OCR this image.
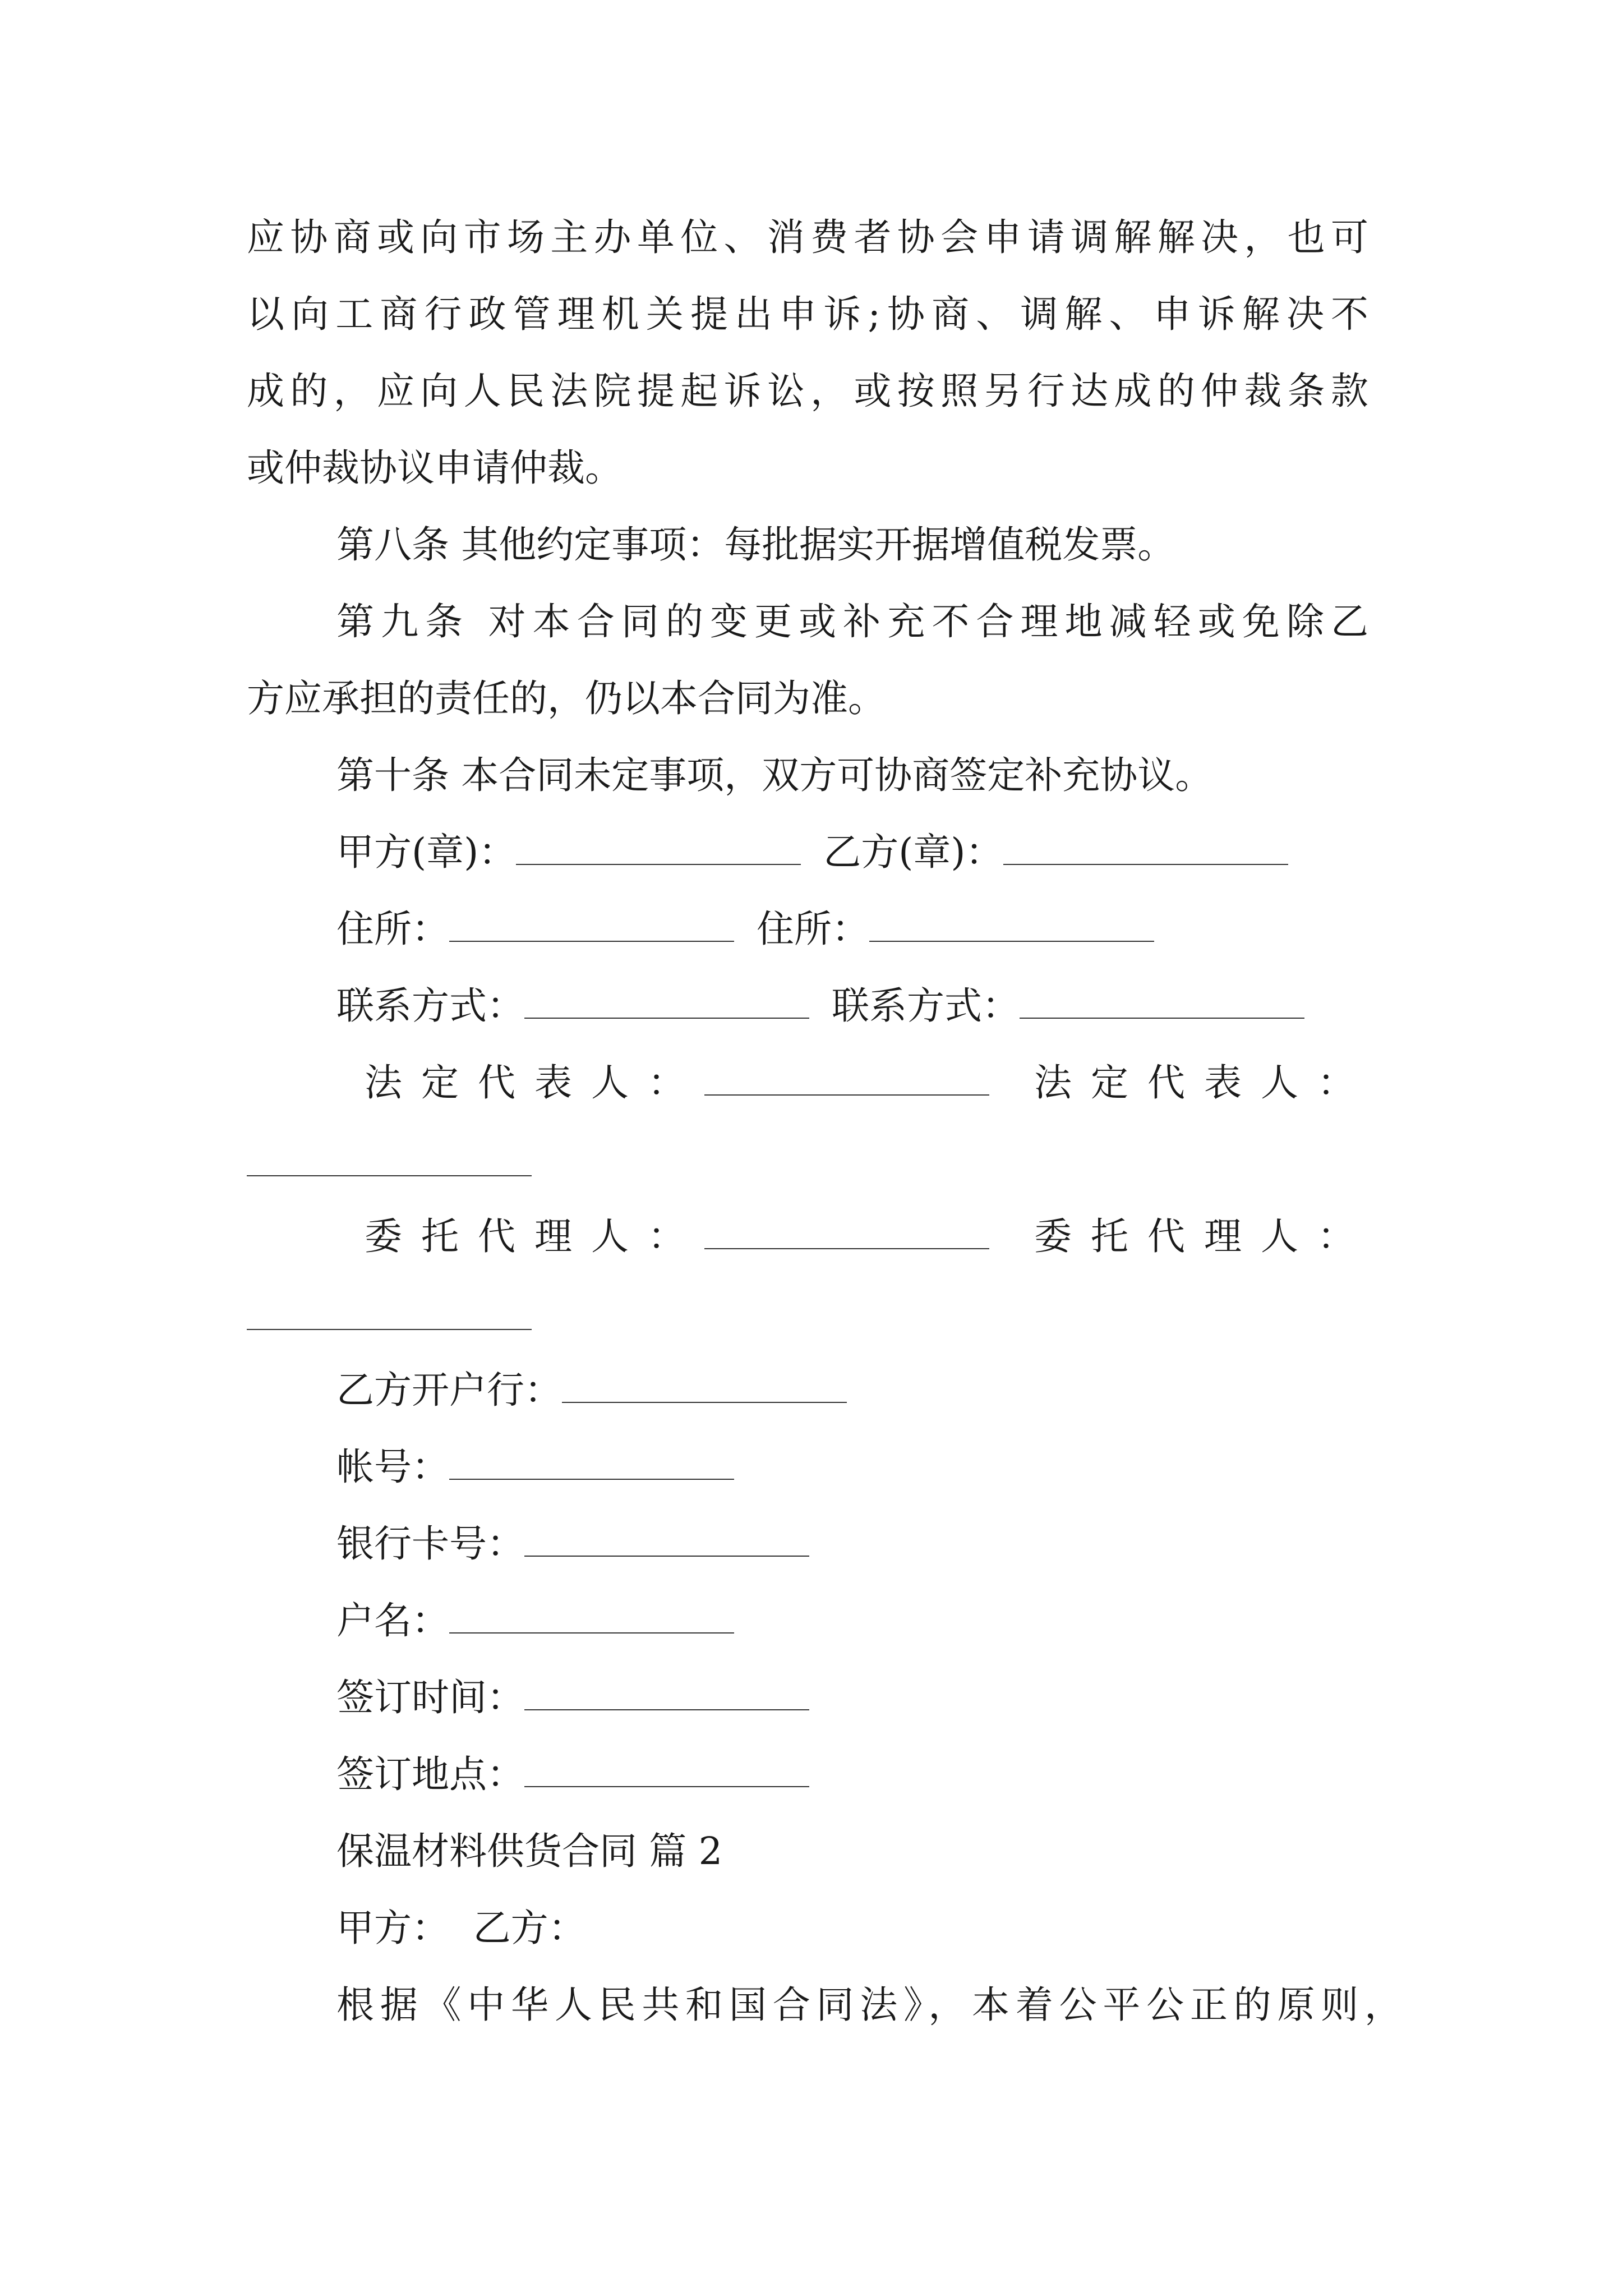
应协商或向市场主办单位、消费者协会申请调解解决，也可

以向工商行政管理机关提出申诉;协商、调解、申诉解决不

成的，应向人民法院提起诉讼，或按照另行达成的仲裁条款

或仲裁协议申请仲裁。

第八条 其他约定事项：每批据实开据增值税发票。

第九条 对本合同的变更或补充不合理地减轻或免除乙

方应承担的责任的，仍以本合同为准。

第十条 本合同未定事项，双方可协商签定补充协议。

甲方(章)：	乙方(章)：
住所：	住所：
联系方式：	联系方式：
法定代表人：	法定代表人：
委托代理人：	委托代理人：
乙方开户行：
帐号：
银行卡号：
户名：
签订时间：
签订地点：

保温材料供货合同 篇 2

甲方：  乙方：

根据《中华人民共和国合同法》，本着公平公正的原则，
